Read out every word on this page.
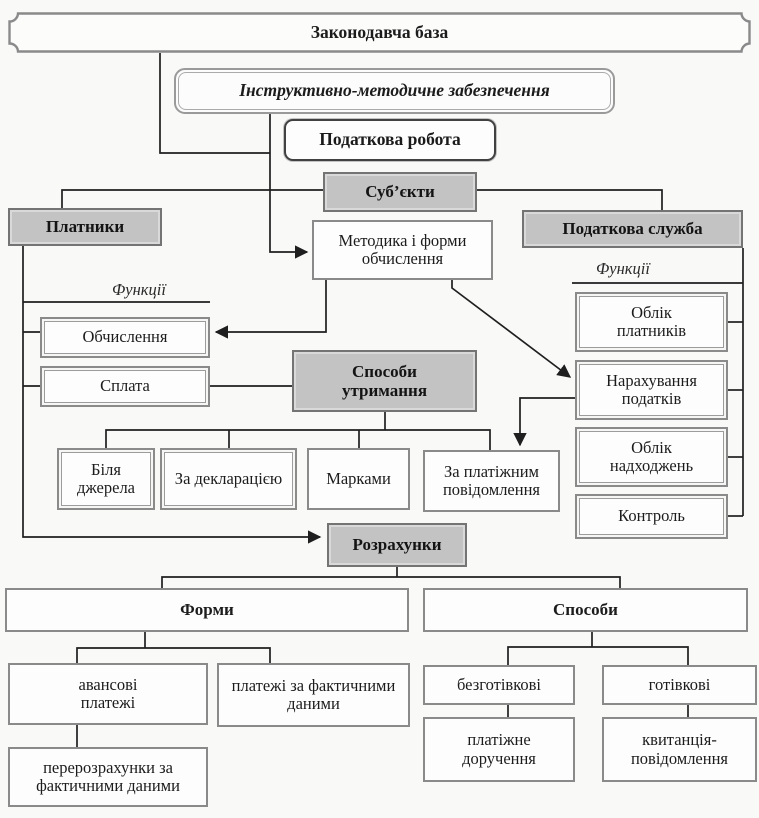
Законодавча база
Інструктивно-методичне забезпечення
Податкова робота
Суб’єкти
Платники	Податкова служба
Методика і форми обчислення
Функції
Функції
Обчислення
Сплата
Способи утримання
Облік платників
Нарахування податків
Облік надходжень
Контроль
Біля джерела	За декларацією	Марками	За платіжним повідомлення
Розрахунки
Форми	Способи
авансові платежі
платежі за фактичними даними
перерозрахунки за фактичними даними
безготівкові	готівкові
платіжне доручення
квитанція-повідомлення
